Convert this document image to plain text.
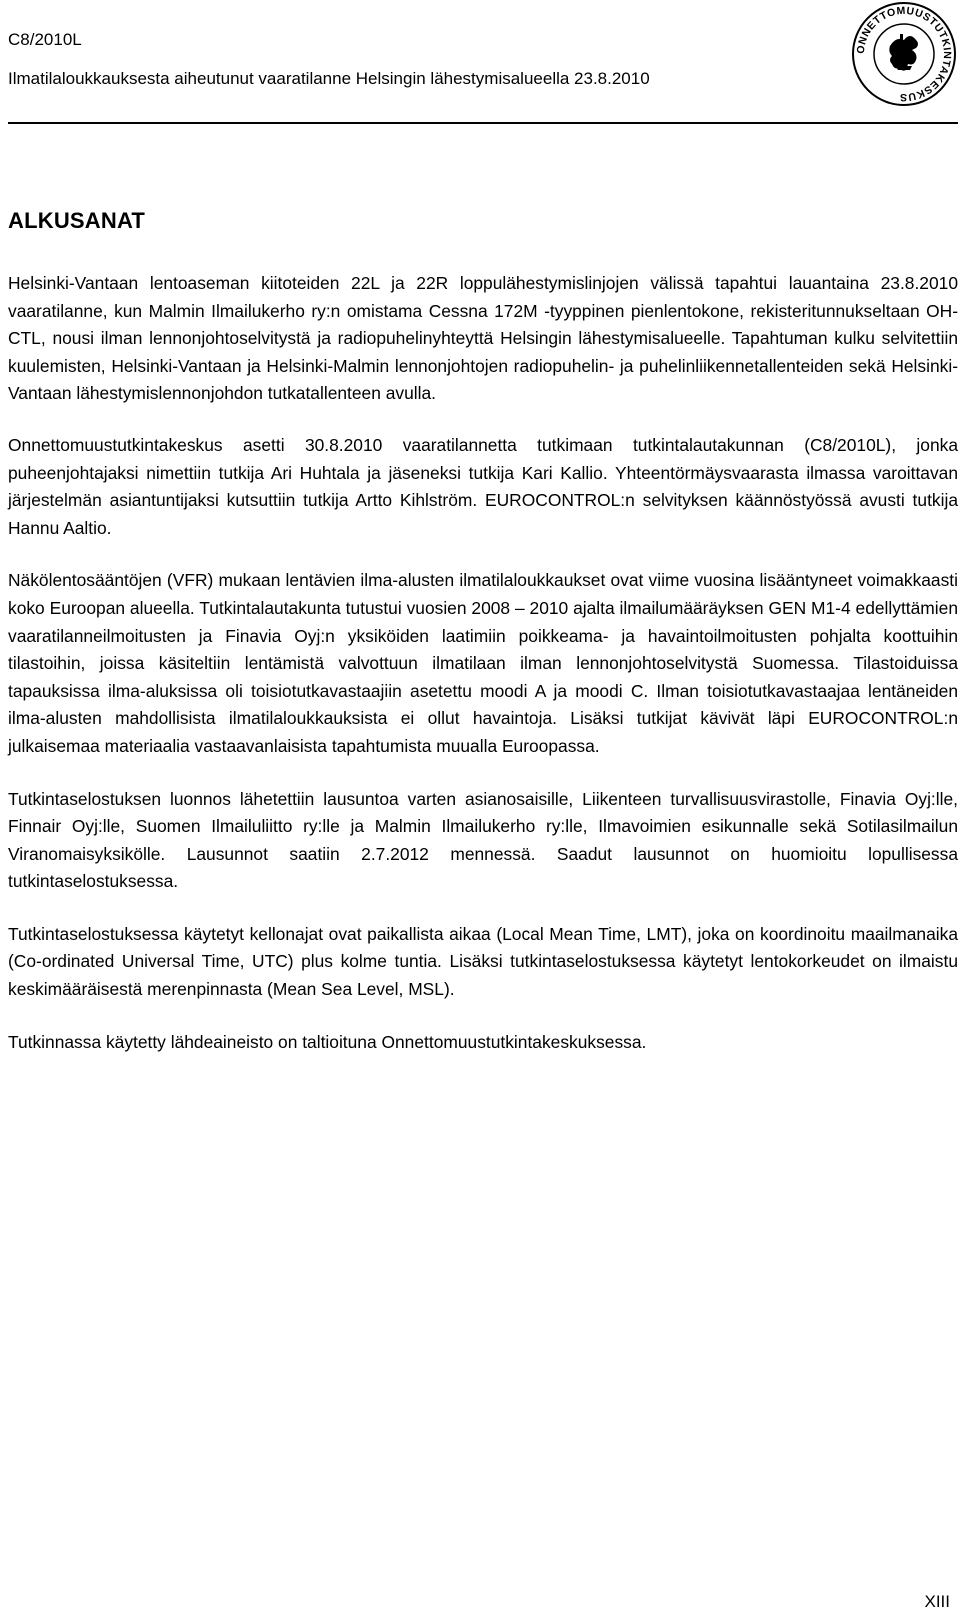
C8/2010L
Ilmatilaloukkauksesta aiheutunut vaaratilanne Helsingin lähestymisalueella 23.8.2010
ONNETTOMUUSTUTKINTAKESKUS
ALKUSANAT

Helsinki-Vantaan lentoaseman kiitoteiden 22L ja 22R loppulähestymislinjojen välissä tapahtui lauantaina 23.8.2010 vaaratilanne, kun Malmin Ilmailukerho ry:n omistama Cessna 172M -tyyppinen pienlentokone, rekisteritunnukseltaan OH-CTL, nousi ilman lennonjohtoselvitystä ja radiopuhelinyhteyttä Helsingin lähestymisalueelle. Tapahtuman kulku selvitettiin kuulemisten, Helsinki-Vantaan ja Helsinki-Malmin lennonjohtojen radiopuhelin- ja puhelinliikennetallenteiden sekä Helsinki-Vantaan lähestymislennonjohdon tutkatallenteen avulla.

Onnettomuustutkintakeskus asetti 30.8.2010 vaaratilannetta tutkimaan tutkintalautakunnan (C8/2010L), jonka puheenjohtajaksi nimettiin tutkija Ari Huhtala ja jäseneksi tutkija Kari Kallio. Yhteentörmäysvaarasta ilmassa varoittavan järjestelmän asiantuntijaksi kutsuttiin tutkija Artto Kihlström. EUROCONTROL:n selvityksen käännöstyössä avusti tutkija Hannu Aaltio.

Näkölentosääntöjen (VFR) mukaan lentävien ilma-alusten ilmatilaloukkaukset ovat viime vuosina lisääntyneet voimakkaasti koko Euroopan alueella. Tutkintalautakunta tutustui vuosien 2008 – 2010 ajalta ilmailumääräyksen GEN M1-4 edellyttämien vaaratilanneilmoitusten ja Finavia Oyj:n yksiköiden laatimiin poikkeama- ja havaintoilmoitusten pohjalta koottuihin tilastoihin, joissa käsiteltiin lentämistä valvottuun ilmatilaan ilman lennonjohtoselvitystä Suomessa. Tilastoiduissa tapauksissa ilma-aluksissa oli toisiotutkavastaajiin asetettu moodi A ja moodi C. Ilman toisiotutkavastaajaa lentäneiden ilma-alusten mahdollisista ilmatilaloukkauksista ei ollut havaintoja. Lisäksi tutkijat kävivät läpi EUROCONTROL:n julkaisemaa materiaalia vastaavanlaisista tapahtumista muualla Euroopassa.

Tutkintaselostuksen luonnos lähetettiin lausuntoa varten asianosaisille, Liikenteen turvallisuusvirastolle, Finavia Oyj:lle, Finnair Oyj:lle, Suomen Ilmailuliitto ry:lle ja Malmin Ilmailukerho ry:lle, Ilmavoimien esikunnalle sekä Sotilasilmailun Viranomaisyksikölle. Lausunnot saatiin 2.7.2012 mennessä. Saadut lausunnot on huomioitu lopullisessa tutkintaselostuksessa.

Tutkintaselostuksessa käytetyt kellonajat ovat paikallista aikaa (Local Mean Time, LMT), joka on koordinoitu maailmanaika (Co-ordinated Universal Time, UTC) plus kolme tuntia. Lisäksi tutkintaselostuksessa käytetyt lentokorkeudet on ilmaistu keskimääräisestä merenpinnasta (Mean Sea Level, MSL).

Tutkinnassa käytetty lähdeaineisto on taltioituna Onnettomuustutkintakeskuksessa.

XIII
